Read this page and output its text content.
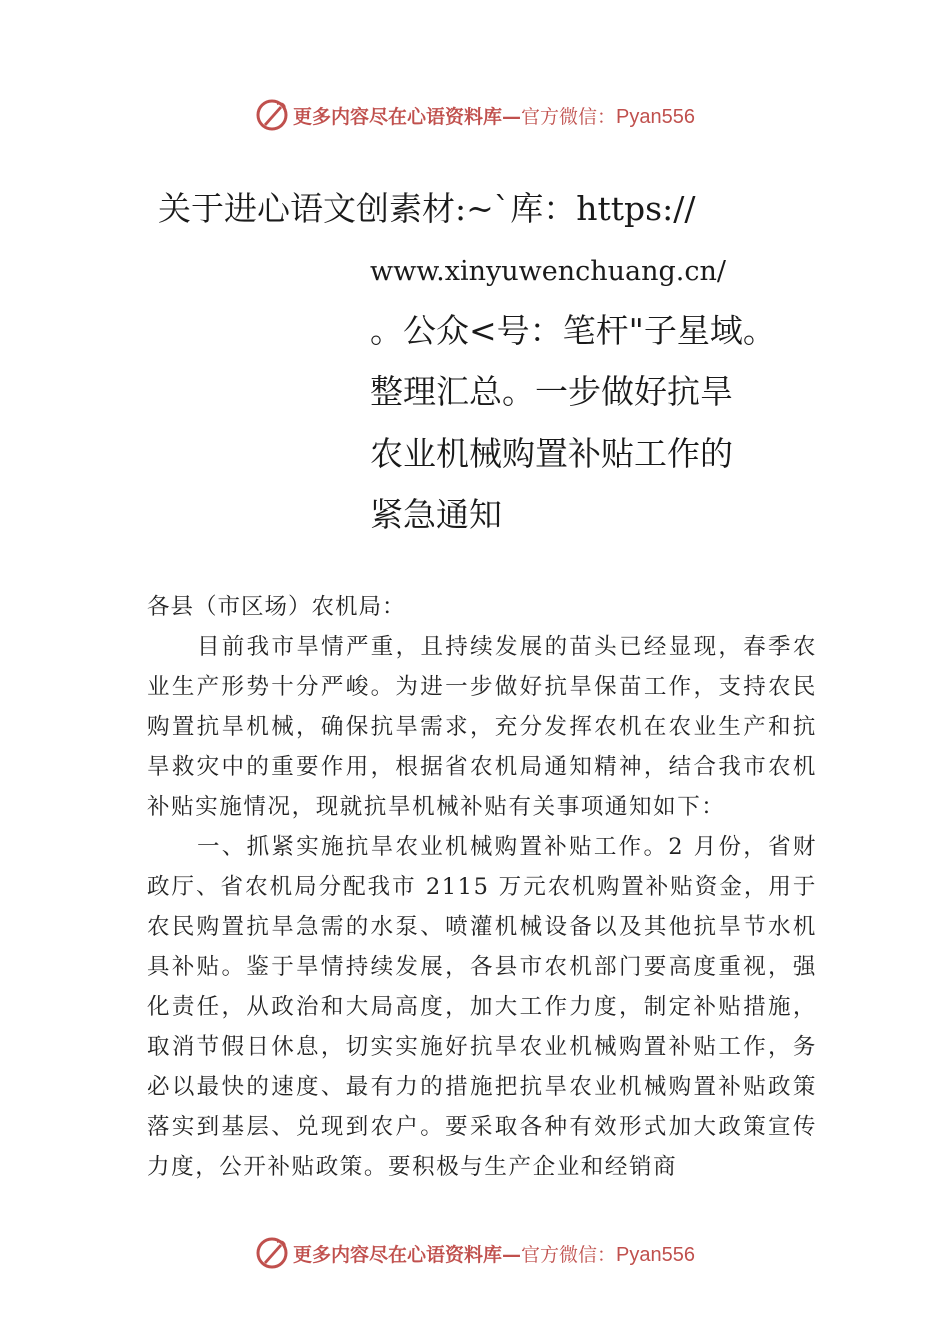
更多内容尽在心语资料库—官方微信：Pyan556
关于进心语文创素材:~`库：https://
www.xinyuwenchuang.cn/
。公众<号：笔杆"子星域。
整理汇总。一步做好抗旱
农业机械购置补贴工作的
紧急通知

各县（市区场）农机局：

目前我市旱情严重，且持续发展的苗头已经显现，春季农业生产形势十分严峻。为进一步做好抗旱保苗工作，支持农民购置抗旱机械，确保抗旱需求，充分发挥农机在农业生产和抗旱救灾中的重要作用，根据省农机局通知精神，结合我市农机补贴实施情况，现就抗旱机械补贴有关事项通知如下：

一、抓紧实施抗旱农业机械购置补贴工作。2 月份，省财政厅、省农机局分配我市 2115 万元农机购置补贴资金，用于农民购置抗旱急需的水泵、喷灌机械设备以及其他抗旱节水机具补贴。鉴于旱情持续发展，各县市农机部门要高度重视，强化责任，从政治和大局高度，加大工作力度，制定补贴措施，取消节假日休息，切实实施好抗旱农业机械购置补贴工作，务必以最快的速度、最有力的措施把抗旱农业机械购置补贴政策落实到基层、兑现到农户。要采取各种有效形式加大政策宣传力度，公开补贴政策。要积极与生产企业和经销商

更多内容尽在心语资料库—官方微信：Pyan556
